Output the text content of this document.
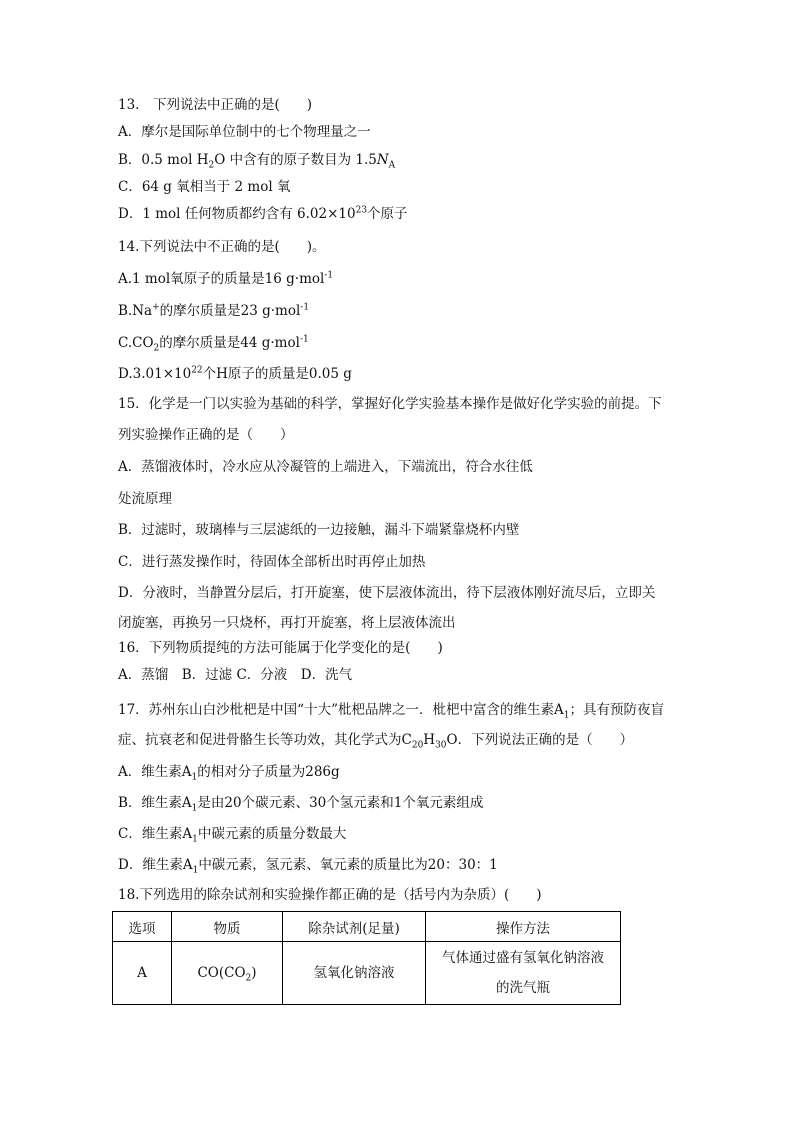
13.　下列说法中正确的是(　　)
A．摩尔是国际单位制中的七个物理量之一
B．0.5 mol $H_2O$ 中含有的原子数目为 $1.5N_A$
C．64 g 氧相当于 2 mol 氧
D．1 mol 任何物质都约含有 $6.02\times 10^{23}$个原子
14.下列说法中不正确的是(　　)。
A.1 mol氧原子的质量是16 g·mol$^{-1}$
B.Na+的摩尔质量是23 g·mol$^{-1}$
$C.CO_2$的摩尔质量是44 g·mol$^{-1}$
$D.3.01\times 10^{22}$个H原子的质量是0.05 g
15．化学是一门以实验为基础的科学，掌握好化学实验基本操作是做好化学实验的前提。下
列实验操作正确的是（　　）
A．蒸馏液体时，冷水应从冷凝管的上端进入，下端流出，符合水往低
处流原理
B．过滤时，玻璃棒与三层滤纸的一边接触，漏斗下端紧靠烧杯内壁
C．进行蒸发操作时，待固体全部析出时再停止加热
D．分液时，当静置分层后，打开旋塞，使下层液体流出，待下层液体刚好流尽后，立即关
闭旋塞，再换另一只烧杯，再打开旋塞，将上层液体流出
16．下列物质提纯的方法可能属于化学变化的是(　　)
A．蒸馏　B．过滤 C．分液　D．洗气
17．苏州东山白沙枇杷是中国“十大”枇杷品牌之一．枇杷中富含的维生素$A_1$；具有预防夜盲
症、抗衰老和促进骨骼生长等功效，其化学式为$C_{20}H_{30}O$．下列说法正确的是（　　）
A．维生素$A_1$的相对分子质量为286g
B．维生素$A_1$是由20个碳元素、30个氢元素和1个氧元素组成
C．维生素$A_1$中碳元素的质量分数最大
D．维生素$A_1$中碳元素，氢元素、氧元素的质量比为20：30：1
18.下列选用的除杂试剂和实验操作都正确的是（括号内为杂质）(　　)
选项	物质	除杂试剂(足量)	操作方法
A	$CO(CO_2)$	氢氧化钠溶液	气体通过盛有氢氧化钠溶液
的洗气瓶
